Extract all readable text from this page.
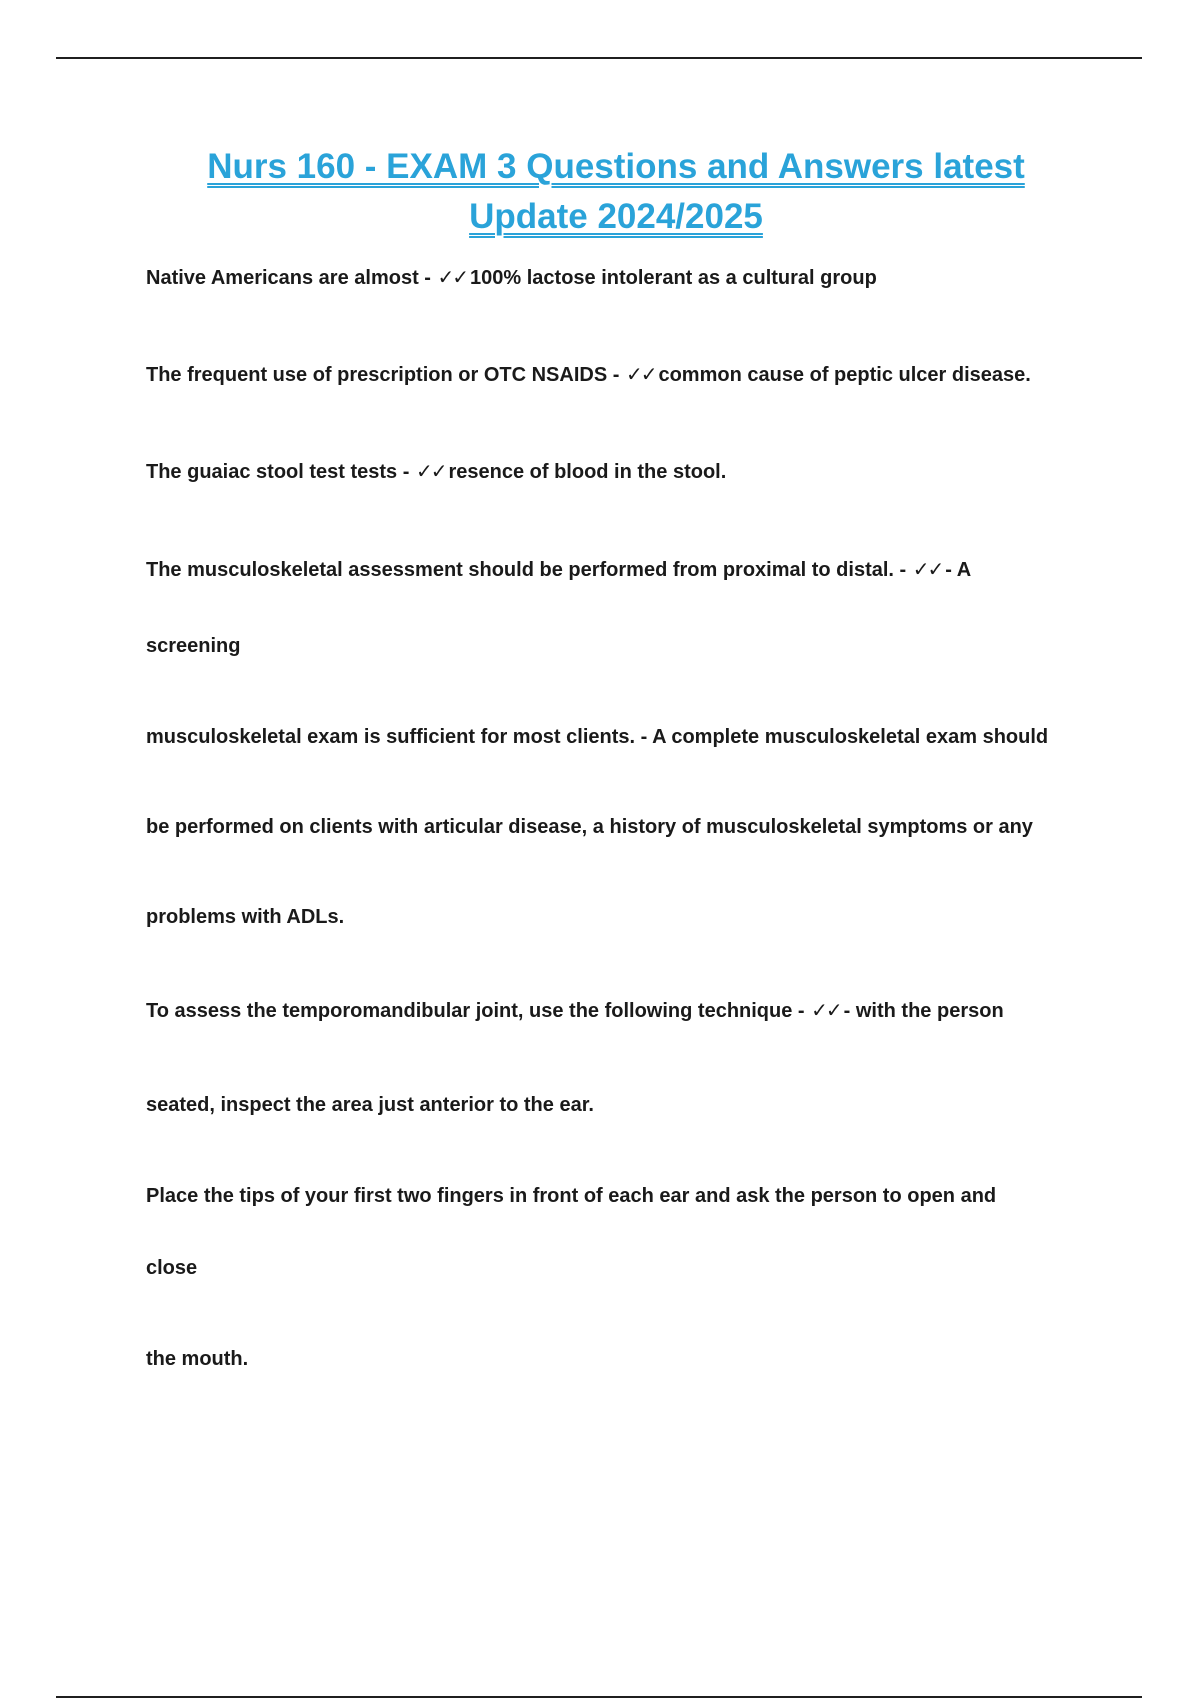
Nurs 160 - EXAM 3 Questions and Answers latest
Update 2024/2025

Native Americans are almost - ✓✓ 100% lactose intolerant as a cultural group

The frequent use of prescription or OTC NSAIDS - ✓✓ common cause of peptic ulcer disease.

The guaiac stool test tests - ✓✓ resence of blood in the stool.

The musculoskeletal assessment should be performed from proximal to distal. - ✓✓ - A

screening

musculoskeletal exam is sufficient for most clients. - A complete musculoskeletal exam should

be performed on clients with articular disease, a history of musculoskeletal symptoms or any

problems with ADLs.

To assess the temporomandibular joint, use the following technique - ✓✓ - with the person

seated, inspect the area just anterior to the ear.

Place the tips of your first two fingers in front of each ear and ask the person to open and

close

the mouth.
